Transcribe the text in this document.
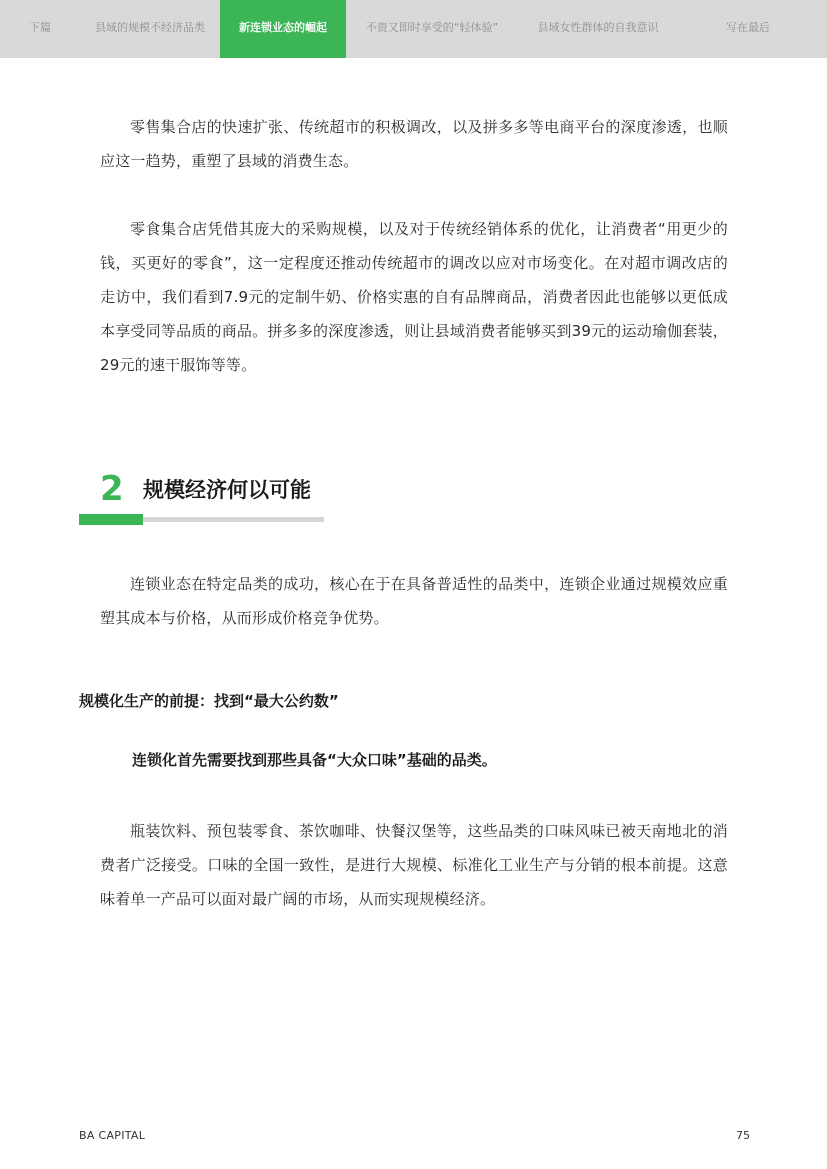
下篇	县域的规模不经济品类	新连锁业态的崛起	不贵又即时享受的“轻体验”	县域女性群体的自我意识	写在最后

零售集合店的快速扩张、传统超市的积极调改，以及拼多多等电商平台的深度渗透，也顺应这一趋势，重塑了县域的消费生态。

零食集合店凭借其庞大的采购规模，以及对于传统经销体系的优化，让消费者“用更少的钱，买更好的零食”，这一定程度还推动传统超市的调改以应对市场变化。在对超市调改店的走访中，我们看到7.9元的定制牛奶、价格实惠的自有品牌商品，消费者因此也能够以更低成本享受同等品质的商品。拼多多的深度渗透，则让县域消费者能够买到39元的运动瑜伽套装，29元的速干服饰等等。

2 规模经济何以可能

连锁业态在特定品类的成功，核心在于在具备普适性的品类中，连锁企业通过规模效应重塑其成本与价格，从而形成价格竞争优势。

规模化生产的前提：找到“最大公约数”
连锁化首先需要找到那些具备“大众口味”基础的品类。

瓶装饮料、预包装零食、茶饮咖啡、快餐汉堡等，这些品类的口味风味已被天南地北的消费者广泛接受。口味的全国一致性，是进行大规模、标准化工业生产与分销的根本前提。这意味着单一产品可以面对最广阔的市场，从而实现规模经济。

BA CAPITAL	75
